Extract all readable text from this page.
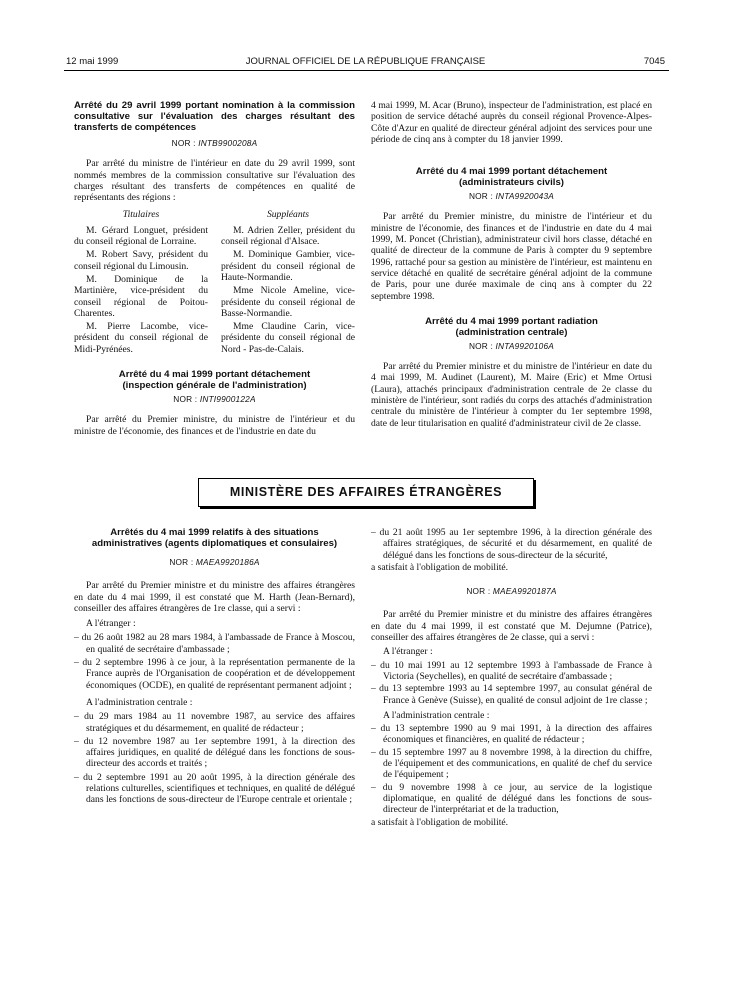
12 mai 1999	JOURNAL OFFICIEL DE LA RÉPUBLIQUE FRANÇAISE	7045
Arrêté du 29 avril 1999 portant nomination à la commission consultative sur l'évaluation des charges résultant des transferts de compétences
NOR : INTB9900208A

Par arrêté du ministre de l'intérieur en date du 29 avril 1999, sont nommés membres de la commission consultative sur l'évaluation des charges résultant des transferts de compétences en qualité de représentants des régions :

Titulaires

M. Gérard Longuet, président du conseil régional de Lorraine.

M. Robert Savy, président du conseil régional du Limousin.

M. Dominique de la Martinière, vice-président du conseil régional de Poitou-Charentes.

M. Pierre Lacombe, vice-président du conseil régional de Midi-Pyrénées.

Suppléants

M. Adrien Zeller, président du conseil régional d'Alsace.

M. Dominique Gambier, vice-président du conseil régional de Haute-Normandie.

Mme Nicole Ameline, vice-présidente du conseil régional de Basse-Normandie.

Mme Claudine Carin, vice-présidente du conseil régional de Nord - Pas-de-Calais.

Arrêté du 4 mai 1999 portant détachement (inspection générale de l'administration)
NOR : INTI9900122A

Par arrêté du Premier ministre, du ministre de l'intérieur et du ministre de l'économie, des finances et de l'industrie en date du

4 mai 1999, M. Acar (Bruno), inspecteur de l'administration, est placé en position de service détaché auprès du conseil régional Provence-Alpes-Côte d'Azur en qualité de directeur général adjoint des services pour une période de cinq ans à compter du 18 janvier 1999.

Arrêté du 4 mai 1999 portant détachement (administrateurs civils)
NOR : INTA9920043A

Par arrêté du Premier ministre, du ministre de l'intérieur et du ministre de l'économie, des finances et de l'industrie en date du 4 mai 1999, M. Poncet (Christian), administrateur civil hors classe, détaché en qualité de directeur de la commune de Paris à compter du 9 septembre 1996, rattaché pour sa gestion au ministère de l'intérieur, est maintenu en service détaché en qualité de secrétaire général adjoint de la commune de Paris, pour une durée maximale de cinq ans à compter du 22 septembre 1998.

Arrêté du 4 mai 1999 portant radiation (administration centrale)
NOR : INTA9920106A

Par arrêté du Premier ministre et du ministre de l'intérieur en date du 4 mai 1999, M. Audinet (Laurent), M. Maire (Eric) et Mme Ortusi (Laura), attachés principaux d'administration centrale de 2e classe du ministère de l'intérieur, sont radiés du corps des attachés d'administration centrale du ministère de l'intérieur à compter du 1er septembre 1998, date de leur titularisation en qualité d'administrateur civil de 2e classe.

MINISTÈRE DES AFFAIRES ÉTRANGÈRES
Arrêtés du 4 mai 1999 relatifs à des situations administratives (agents diplomatiques et consulaires)
NOR : MAEA9920186A

Par arrêté du Premier ministre et du ministre des affaires étrangères en date du 4 mai 1999, il est constaté que M. Harth (Jean-Bernard), conseiller des affaires étrangères de 1re classe, qui a servi :

A l'étranger :

– du 26 août 1982 au 28 mars 1984, à l'ambassade de France à Moscou, en qualité de secrétaire d'ambassade ;

– du 2 septembre 1996 à ce jour, à la représentation permanente de la France auprès de l'Organisation de coopération et de développement économiques (OCDE), en qualité de représentant permanent adjoint ;

A l'administration centrale :

– du 29 mars 1984 au 11 novembre 1987, au service des affaires stratégiques et du désarmement, en qualité de rédacteur ;

– du 12 novembre 1987 au 1er septembre 1991, à la direction des affaires juridiques, en qualité de délégué dans les fonctions de sous-directeur des accords et traités ;

– du 2 septembre 1991 au 20 août 1995, à la direction générale des relations culturelles, scientifiques et techniques, en qualité de délégué dans les fonctions de sous-directeur de l'Europe centrale et orientale ;

– du 21 août 1995 au 1er septembre 1996, à la direction générale des affaires stratégiques, de sécurité et du désarmement, en qualité de délégué dans les fonctions de sous-directeur de la sécurité,

a satisfait à l'obligation de mobilité.

NOR : MAEA9920187A

Par arrêté du Premier ministre et du ministre des affaires étrangères en date du 4 mai 1999, il est constaté que M. Dejumne (Patrice), conseiller des affaires étrangères de 2e classe, qui a servi :

A l'étranger :

– du 10 mai 1991 au 12 septembre 1993 à l'ambassade de France à Victoria (Seychelles), en qualité de secrétaire d'ambassade ;

– du 13 septembre 1993 au 14 septembre 1997, au consulat général de France à Genève (Suisse), en qualité de consul adjoint de 1re classe ;

A l'administration centrale :

– du 13 septembre 1990 au 9 mai 1991, à la direction des affaires économiques et financières, en qualité de rédacteur ;

– du 15 septembre 1997 au 8 novembre 1998, à la direction du chiffre, de l'équipement et des communications, en qualité de chef du service de l'équipement ;

– du 9 novembre 1998 à ce jour, au service de la logistique diplomatique, en qualité de délégué dans les fonctions de sous-directeur de l'interprétariat et de la traduction,

a satisfait à l'obligation de mobilité.
